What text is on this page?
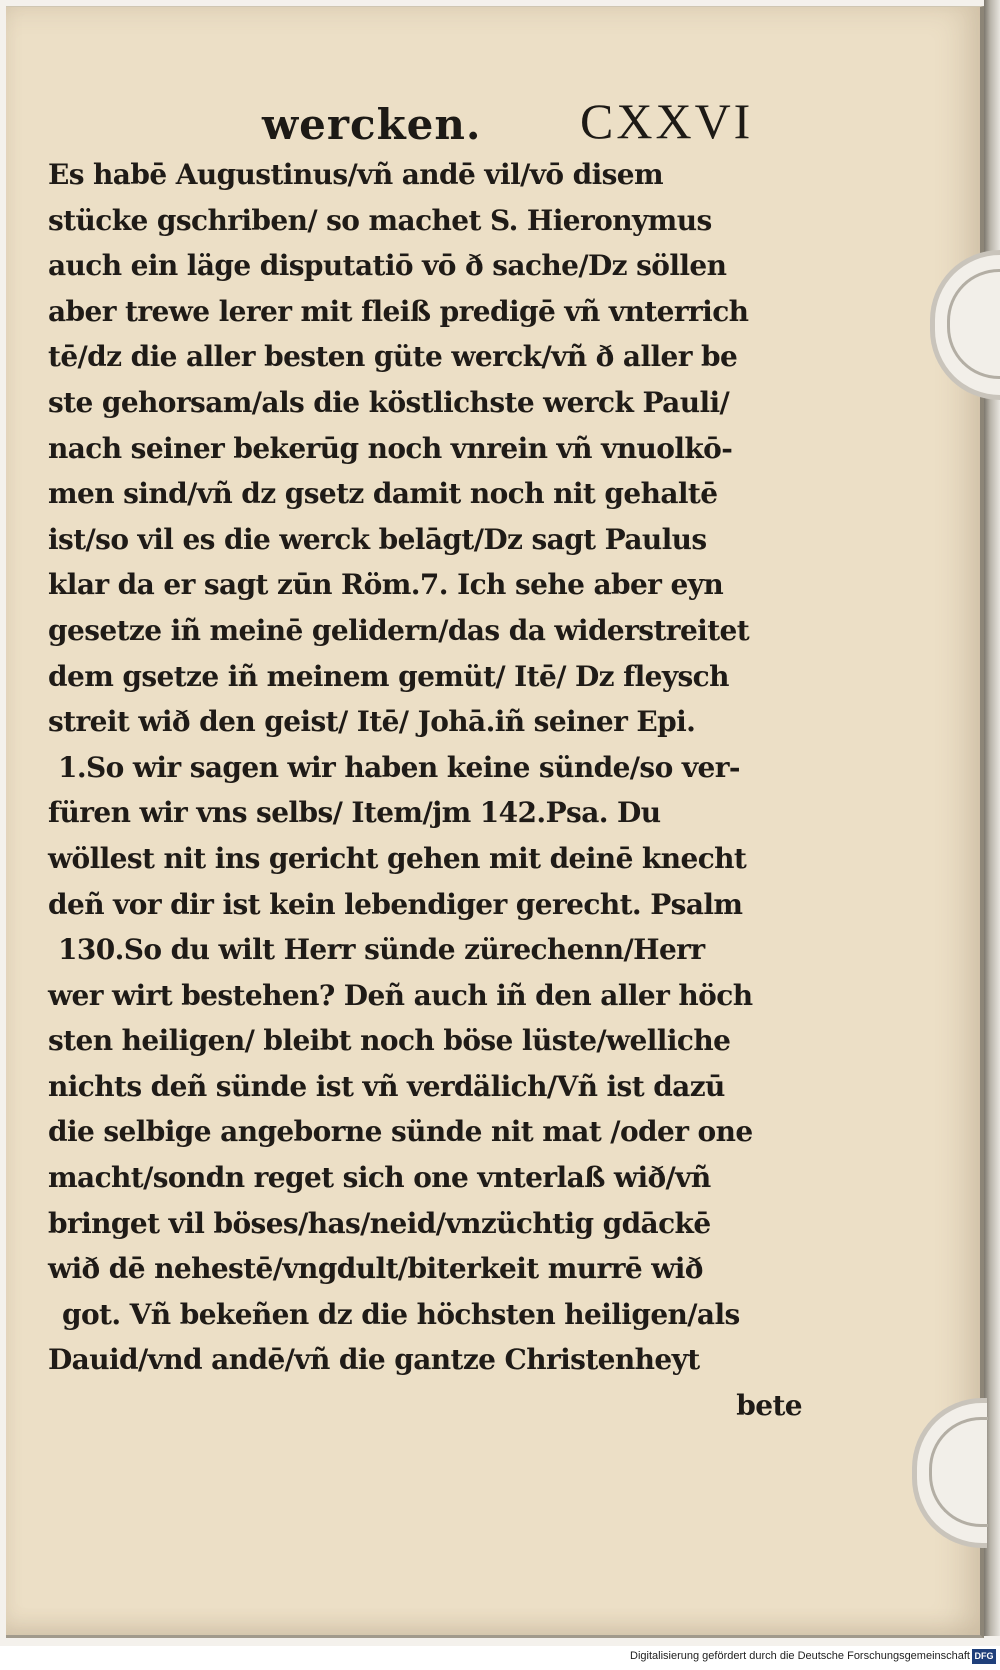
wercken. CXXVI
Es habē Augustinus/vñ andē vil/vō disem
stücke gschriben/ so machet S. Hieronymus
auch ein läge disputatiō vō ð sache/Dz söllen
aber trewe lerer mit fleiß predigē vñ vnterrich
tē/dz die aller besten güte werck/vñ ð aller be
ste gehorsam/als die köstlichste werck Pauli/
nach seiner bekerūg noch vnrein vñ vnuolkō-
men sind/vñ dz gsetz damit noch nit gehaltē
ist/so vil es die werck belāgt/Dz sagt Paulus
klar da er sagt zūn Röm.7. Ich sehe aber eyn
gesetze iñ meinē gelidern/das da widerstreitet
dem gsetze iñ meinem gemüt/ Itē/ Dz fleysch
streit wið den geist/ Itē/ Johā.iñ seiner Epi.
1.So wir sagen wir haben keine sünde/so ver-
füren wir vns selbs/ Item/jm 142.Psa. Du
wöllest nit ins gericht gehen mit deinē knecht
deñ vor dir ist kein lebendiger gerecht. Psalm
130.So du wilt Herr sünde zürechenn/Herr
wer wirt bestehen? Deñ auch iñ den aller höch
sten heiligen/ bleibt noch böse lüste/welliche
nichts deñ sünde ist vñ verdälich/Vñ ist dazū
die selbige angeborne sünde nit mat /oder one
macht/sondn reget sich one vnterlaß wið/vñ
bringet vil böses/has/neid/vnzüchtig gdāckē
wið dē nehestē/vngdult/biterkeit murrē wið
got. Vñ bekeñen dz die höchsten heiligen/als
Dauid/vnd andē/vñ die gantze Christenheyt
bete
Digitalisierung gefördert durch die Deutsche Forschungsgemeinschaft DFG
